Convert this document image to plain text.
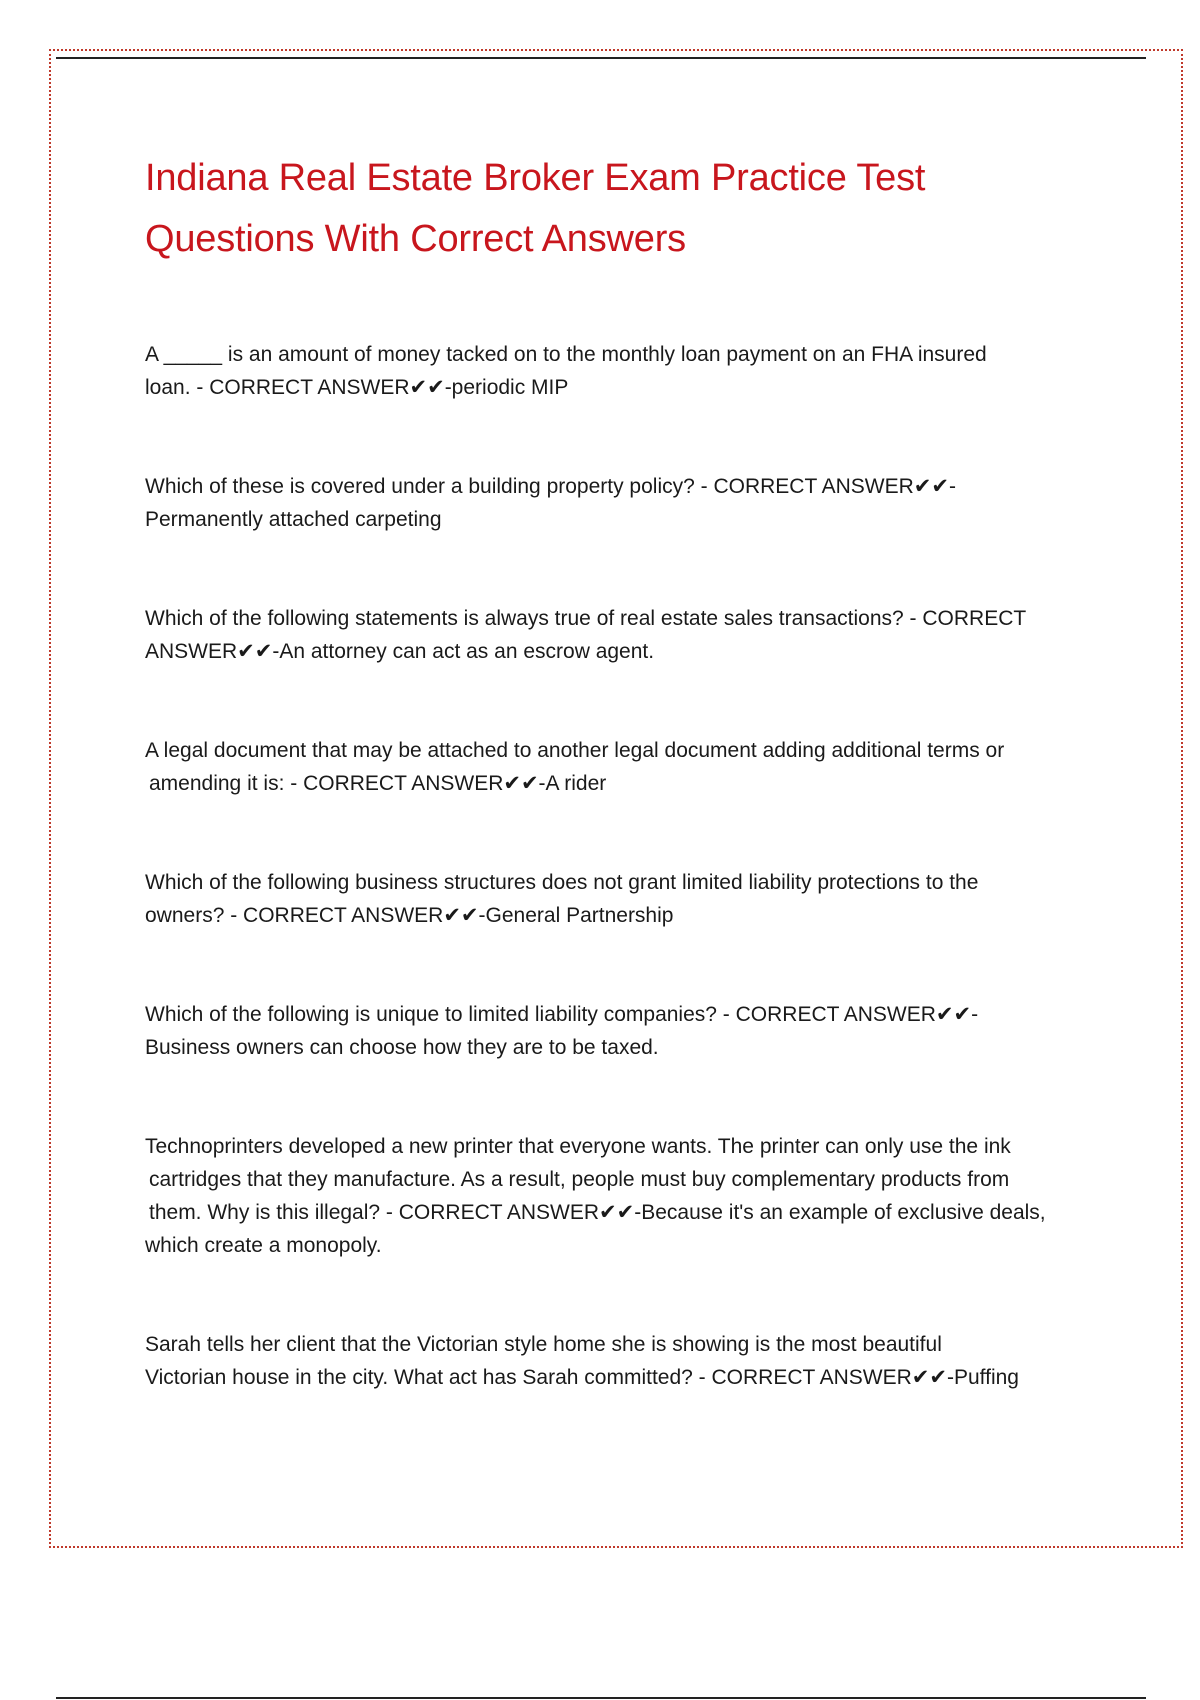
Indiana Real Estate Broker Exam Practice Test
Questions With Correct Answers

A _____ is an amount of money tacked on to the monthly loan payment on an FHA insured
loan. - CORRECT ANSWER✔✔-periodic MIP

Which of these is covered under a building property policy? - CORRECT ANSWER✔✔-
Permanently attached carpeting

Which of the following statements is always true of real estate sales transactions? - CORRECT
ANSWER✔✔-An attorney can act as an escrow agent.

A legal document that may be attached to another legal document adding additional terms or
amending it is: - CORRECT ANSWER✔✔-A rider

Which of the following business structures does not grant limited liability protections to the
owners? - CORRECT ANSWER✔✔-General Partnership

Which of the following is unique to limited liability companies? - CORRECT ANSWER✔✔-
Business owners can choose how they are to be taxed.

Technoprinters developed a new printer that everyone wants. The printer can only use the ink
cartridges that they manufacture. As a result, people must buy complementary products from
them. Why is this illegal? - CORRECT ANSWER✔✔-Because it's an example of exclusive deals,
which create a monopoly.

Sarah tells her client that the Victorian style home she is showing is the most beautiful
Victorian house in the city. What act has Sarah committed? - CORRECT ANSWER✔✔-Puffing
